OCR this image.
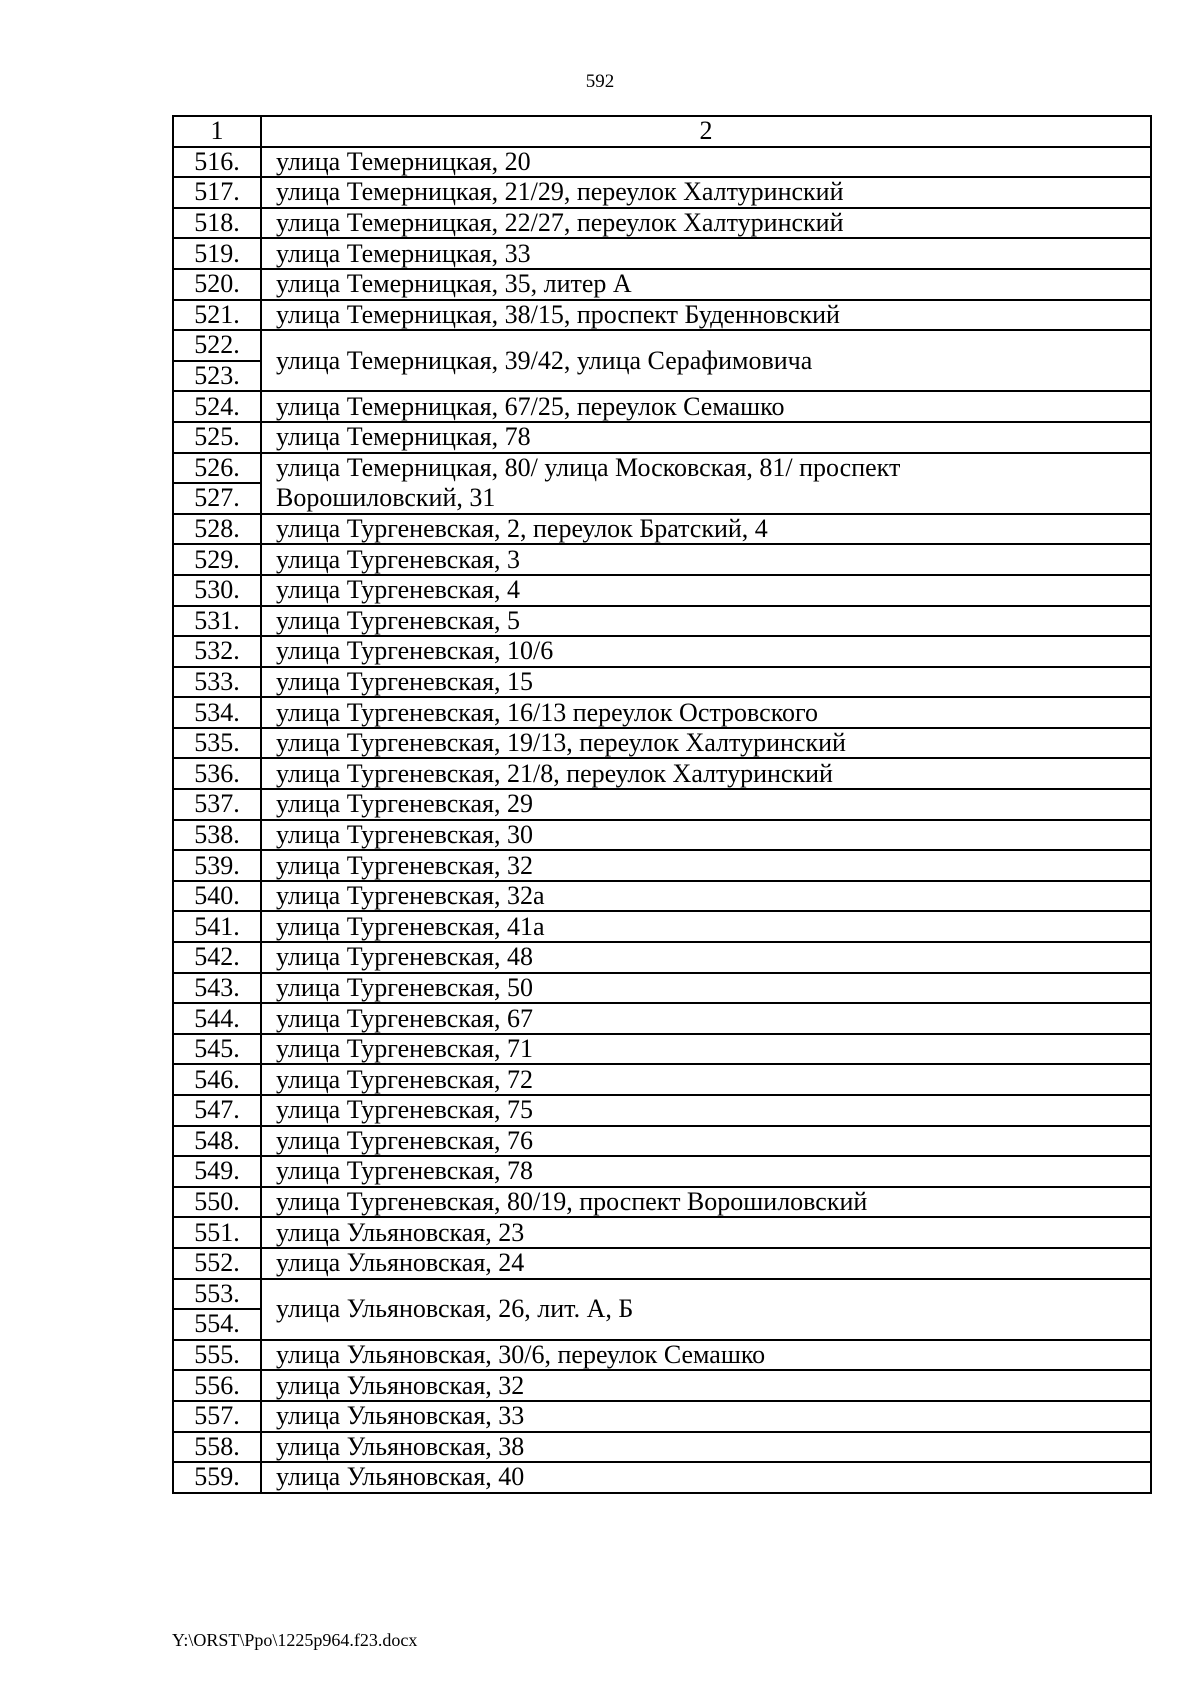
592
1	2
516.	улица Темерницкая, 20
517.	улица Темерницкая, 21/29, переулок Халтуринский
518.	улица Темерницкая, 22/27, переулок Халтуринский
519.	улица Темерницкая, 33
520.	улица Темерницкая, 35, литер А
521.	улица Темерницкая, 38/15, проспект Буденновский
522.	улица Темерницкая, 39/42, улица Серафимовича
523.	
524.	улица Темерницкая, 67/25, переулок Семашко
525.	улица Темерницкая, 78
526.	улица Темерницкая, 80/ улица Московская, 81/ проспект
527.	Ворошиловский, 31
528.	улица Тургеневская, 2, переулок Братский, 4
529.	улица Тургеневская, 3
530.	улица Тургеневская, 4
531.	улица Тургеневская, 5
532.	улица Тургеневская, 10/6
533.	улица Тургеневская, 15
534.	улица Тургеневская, 16/13 переулок Островского
535.	улица Тургеневская, 19/13, переулок Халтуринский
536.	улица Тургеневская, 21/8, переулок Халтуринский
537.	улица Тургеневская, 29
538.	улица Тургеневская, 30
539.	улица Тургеневская, 32
540.	улица Тургеневская, 32а
541.	улица Тургеневская, 41а
542.	улица Тургеневская, 48
543.	улица Тургеневская, 50
544.	улица Тургеневская, 67
545.	улица Тургеневская, 71
546.	улица Тургеневская, 72
547.	улица Тургеневская, 75
548.	улица Тургеневская, 76
549.	улица Тургеневская, 78
550.	улица Тургеневская, 80/19, проспект Ворошиловский
551.	улица Ульяновская, 23
552.	улица Ульяновская, 24
553.	улица Ульяновская, 26, лит. А, Б
554.	
555.	улица Ульяновская, 30/6, переулок Семашко
556.	улица Ульяновская, 32
557.	улица Ульяновская, 33
558.	улица Ульяновская, 38
559.	улица Ульяновская, 40
Y:\ORST\Ppo\1225p964.f23.docx
